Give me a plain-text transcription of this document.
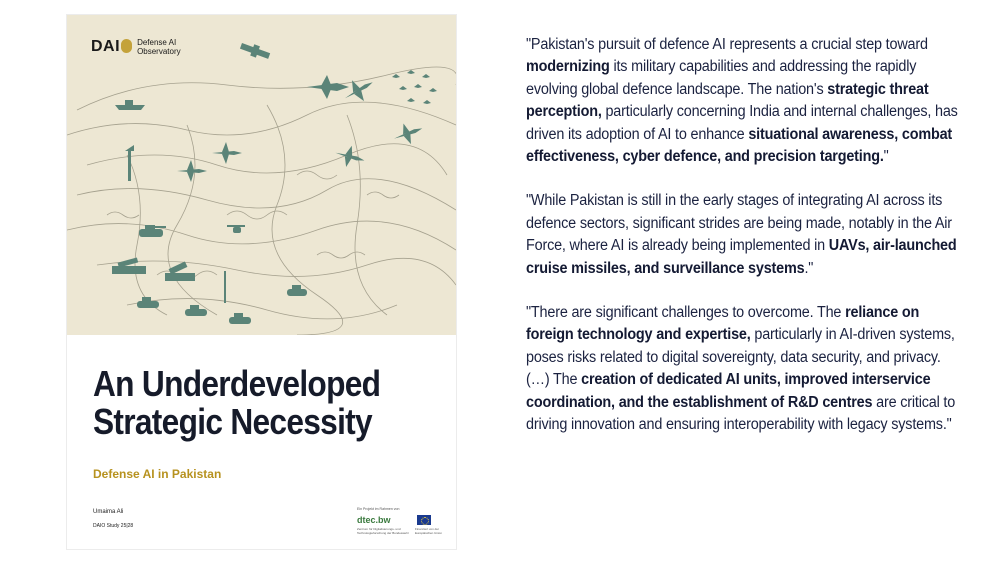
DAI	Defense AI
Observatory
An Underdeveloped
Strategic Necessity
Defense AI in Pakistan
Umaima Ali
DAIO Study 25|28
Ein Projekt im Rahmen von
dtec.bw
Zentrum für Digitalisierungs- und Technologieforschung der Bundeswehr
Finanziert von der Europäischen Union

"Pakistan's pursuit of defence AI represents a crucial step toward modernizing its military capabilities and addressing the rapidly evolving global defence landscape. The nation's strategic threat perception, particularly concerning India and internal challenges, has driven its adoption of AI to enhance situational awareness, combat effectiveness, cyber defence, and precision targeting."

"While Pakistan is still in the early stages of integrating AI across its defence sectors, significant strides are being made, notably in the Air Force, where AI is already being implemented in UAVs, air-launched cruise missiles, and surveillance systems."

"There are significant challenges to overcome. The reliance on foreign technology and expertise, particularly in AI-driven systems, poses risks related to digital sovereignty, data security, and privacy. (…) The creation of dedicated AI units, improved interservice coordination, and the establishment of R&D centres are critical to driving innovation and ensuring interoperability with legacy systems."
